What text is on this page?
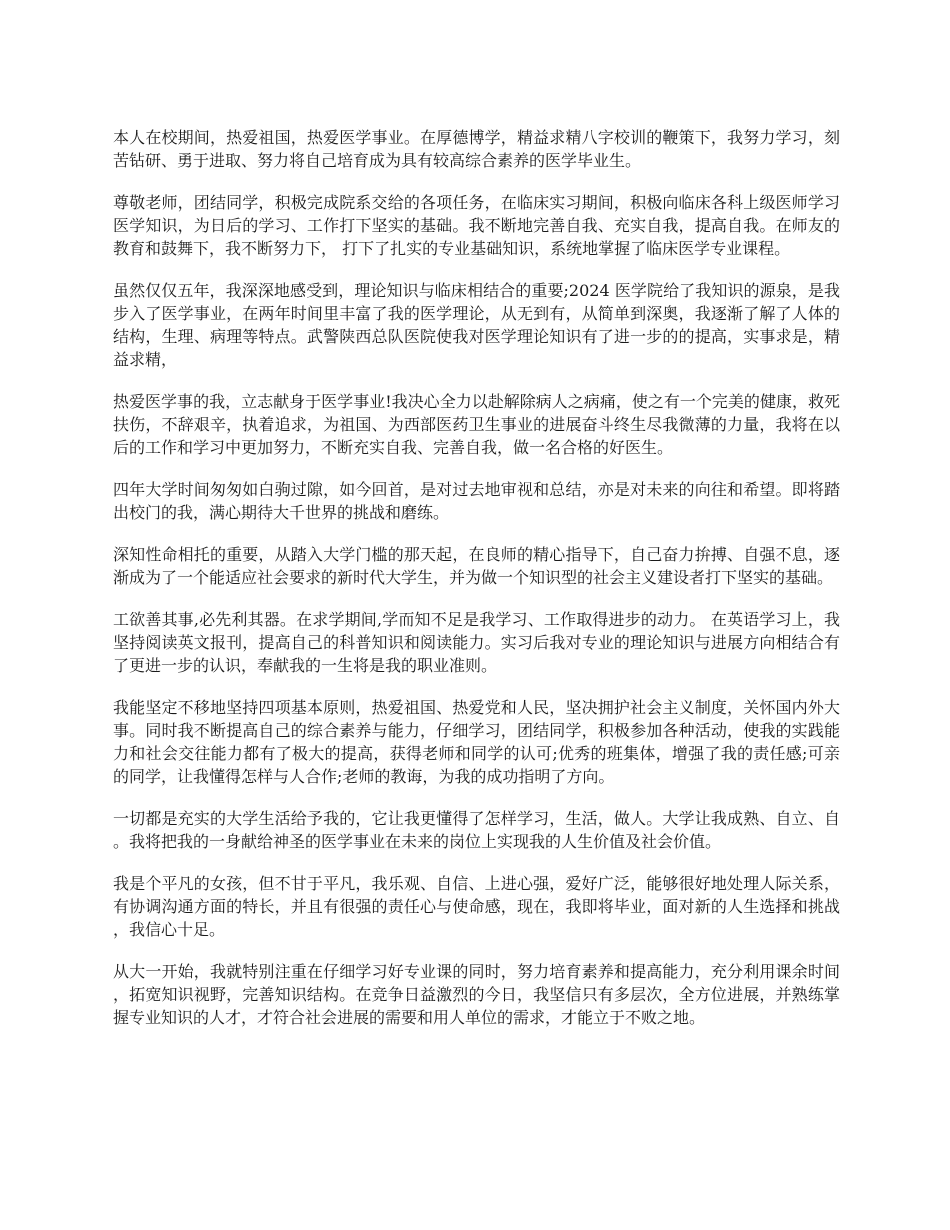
本人在校期间，热爱祖国，热爱医学事业。在厚德博学，精益求精八字校训的鞭策下，我努力学习，刻苦钻研、勇于进取、努力将自己培育成为具有较高综合素养的医学毕业生。

尊敬老师，团结同学，积极完成院系交给的各项任务，在临床实习期间，积极向临床各科上级医师学习医学知识，为日后的学习、工作打下坚实的基础。我不断地完善自我、充实自我，提高自我。在师友的教育和鼓舞下，我不断努力下， 打下了扎实的专业基础知识，系统地掌握了临床医学专业课程。

虽然仅仅五年，我深深地感受到，理论知识与临床相结合的重要;2024 医学院给了我知识的源泉，是我步入了医学事业，在两年时间里丰富了我的医学理论，从无到有，从简单到深奥，我逐渐了解了人体的结构，生理、病理等特点。武警陕西总队医院使我对医学理论知识有了进一步的的提高，实事求是，精益求精，

热爱医学事的我，立志献身于医学事业!我决心全力以赴解除病人之病痛，使之有一个完美的健康，救死扶伤，不辞艰辛，执着追求，为祖国、为西部医药卫生事业的进展奋斗终生尽我微薄的力量，我将在以后的工作和学习中更加努力，不断充实自我、完善自我，做一名合格的好医生。

四年大学时间匆匆如白驹过隙，如今回首，是对过去地审视和总结，亦是对未来的向往和希望。即将踏出校门的我，满心期待大千世界的挑战和磨练。

深知性命相托的重要，从踏入大学门槛的那天起，在良师的精心指导下，自己奋力拚搏、自强不息，逐渐成为了一个能适应社会要求的新时代大学生，并为做一个知识型的社会主义建设者打下坚实的基础。

工欲善其事,必先利其器。在求学期间,学而知不足是我学习、工作取得进步的动力。 在英语学习上，我坚持阅读英文报刊，提高自己的科普知识和阅读能力。实习后我对专业的理论知识与进展方向相结合有了更进一步的认识，奉献我的一生将是我的职业准则。

我能坚定不移地坚持四项基本原则，热爱祖国、热爱党和人民，坚决拥护社会主义制度，关怀国内外大事。同时我不断提高自己的综合素养与能力，仔细学习，团结同学，积极参加各种活动，使我的实践能力和社会交往能力都有了极大的提高，获得老师和同学的认可;优秀的班集体，增强了我的责任感;可亲的同学，让我懂得怎样与人合作;老师的教诲，为我的成功指明了方向。

一切都是充实的大学生活给予我的，它让我更懂得了怎样学习，生活，做人。大学让我成熟、自立、自。我将把我的一身献给神圣的医学事业在未来的岗位上实现我的人生价值及社会价值。

我是个平凡的女孩，但不甘于平凡，我乐观、自信、上进心强，爱好广泛，能够很好地处理人际关系，有协调沟通方面的特长，并且有很强的责任心与使命感，现在，我即将毕业，面对新的人生选择和挑战，我信心十足。

从大一开始，我就特别注重在仔细学习好专业课的同时，努力培育素养和提高能力，充分利用课余时间，拓宽知识视野，完善知识结构。在竞争日益激烈的今日，我坚信只有多层次，全方位进展，并熟练掌握专业知识的人才，才符合社会进展的需要和用人单位的需求，才能立于不败之地。
